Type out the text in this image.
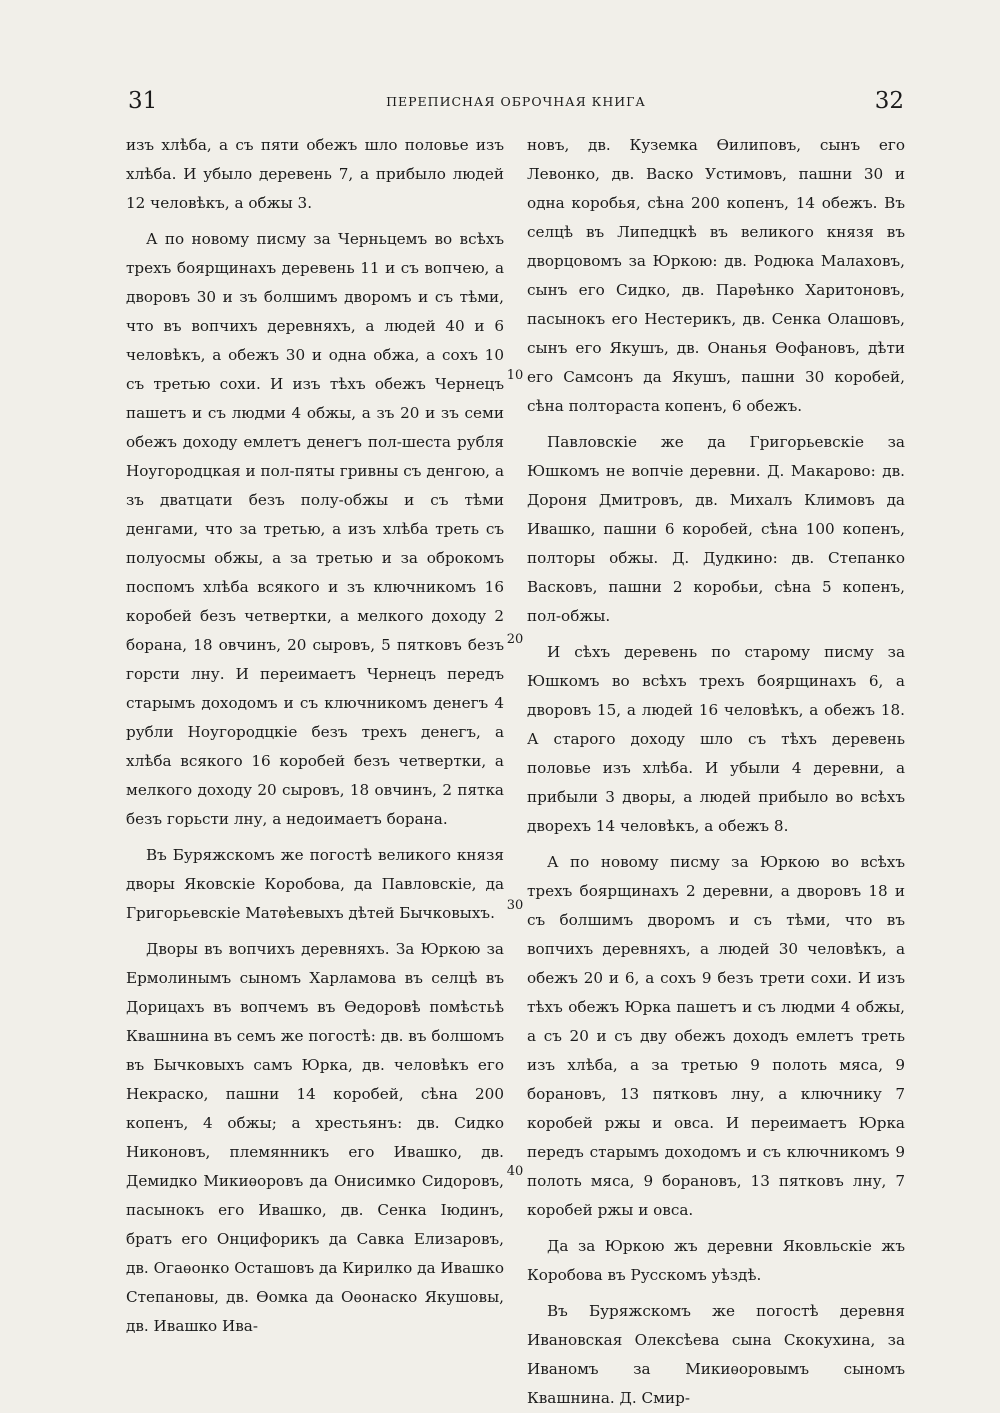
31	ПЕРЕПИСНАЯ ОБРОЧНАЯ КНИГА	32

изъ хлѣба, а съ пяти обежъ шло половье изъ хлѣба. И убыло деревень 7, а прибыло людей 12 человѣкъ, а обжы 3.

А по новому писму за Черньцемъ во всѣхъ трехъ боярщинахъ деревень 11 и съ вопчею, а дворовъ 30 и зъ болшимъ дворомъ и съ тѣми, что въ вопчихъ деревняхъ, а людей 40 и 6 человѣкъ, а обежъ 30 и одна обжа, а сохъ 10 съ третью сохи. И изъ тѣхъ обежъ Чернецъ пашетъ и съ людми 4 обжы, а зъ 20 и зъ семи обежъ доходу емлетъ денегъ пол-шеста рубля Ноугородцкая и пол-пяты гривны съ денгою, а зъ дватцати безъ полу-обжы и съ тѣми денгами, что за третью, а изъ хлѣба треть съ полуосмы обжы, а за третью и за оброкомъ поспомъ хлѣба всякого и зъ ключникомъ 16 коробей безъ четвертки, а мелкого доходу 2 борана, 18 овчинъ, 20 сыровъ, 5 пятковъ безъ горсти лну. И переимаетъ Чернецъ передъ старымъ доходомъ и съ ключникомъ денегъ 4 рубли Ноугородцкіе безъ трехъ денегъ, а хлѣба всякого 16 коробей безъ четвертки, а мелкого доходу 20 сыровъ, 18 овчинъ, 2 пятка безъ горьсти лну, а недоимаетъ борана.

Въ Буряжскомъ же погостѣ великого князя дворы Яковскіе Коробова, да Павловскіе, да Григорьевскіе Матѳѣевыхъ дѣтей Бычковыхъ.

Дворы въ вопчихъ деревняхъ. За Юркою за Ермолинымъ сыномъ Харламова въ селцѣ въ Дорицахъ въ вопчемъ въ Ѳедоровѣ помѣстьѣ Квашнина въ семъ же погостѣ: дв. въ болшомъ въ Бычковыхъ самъ Юрка, дв. человѣкъ его Некраско, пашни 14 коробей, сѣна 200 копенъ, 4 обжы; а хрестьянъ: дв. Сидко Никоновъ, племянникъ его Ивашко, дв. Демидко Микиѳоровъ да Онисимко Сидоровъ, пасынокъ его Ивашко, дв. Сенка Іюдинъ, братъ его Онцифорикъ да Савка Елизаровъ, дв. Огаѳонко Осташовъ да Кирилко да Ивашко Степановы, дв. Ѳомка да Оѳонаско Якушовы, дв. Ивашко Ива-

новъ, дв. Куземка Ѳилиповъ, сынъ его Левонко, дв. Васко Устимовъ, пашни 30 и одна коробья, сѣна 200 копенъ, 14 обежъ. Въ селцѣ въ Липедцкѣ въ великого князя въ дворцовомъ за Юркою: дв. Родюка Малаховъ, сынъ его Сидко, дв. Парѳѣнко Харитоновъ, пасынокъ его Нестерикъ, дв. Сенка Олашовъ, сынъ его Якушъ, дв. Онанья Ѳофановъ, дѣти его Самсонъ да Якушъ, пашни 30 коробей, сѣна полтораста копенъ, 6 обежъ.

Павловскіе же да Григорьевскіе за Юшкомъ не вопчіе деревни. Д. Макарово: дв. Дороня Дмитровъ, дв. Михалъ Климовъ да Ивашко, пашни 6 коробей, сѣна 100 копенъ, полторы обжы. Д. Дудкино: дв. Степанко Васковъ, пашни 2 коробьи, сѣна 5 копенъ, пол-обжы.

И сѣхъ деревень по старому писму за Юшкомъ во всѣхъ трехъ боярщинахъ 6, а дворовъ 15, а людей 16 человѣкъ, а обежъ 18. А старого доходу шло съ тѣхъ деревень половье изъ хлѣба. И убыли 4 деревни, а прибыли 3 дворы, а людей прибыло во всѣхъ дворехъ 14 человѣкъ, а обежъ 8.

А по новому писму за Юркою во всѣхъ трехъ боярщинахъ 2 деревни, а дворовъ 18 и съ болшимъ дворомъ и съ тѣми, что въ вопчихъ деревняхъ, а людей 30 человѣкъ, а обежъ 20 и 6, а сохъ 9 безъ трети сохи. И изъ тѣхъ обежъ Юрка пашетъ и съ людми 4 обжы, а съ 20 и съ дву обежъ доходъ емлетъ треть изъ хлѣба, а за третью 9 полоть мяса, 9 борановъ, 13 пятковъ лну, а ключнику 7 коробей ржы и овса. И переимаетъ Юрка передъ старымъ доходомъ и съ ключникомъ 9 полоть мяса, 9 борановъ, 13 пятковъ лну, 7 коробей ржы и овса.

Да за Юркою жъ деревни Яковльскіе жъ Коробова въ Русскомъ уѣздѣ.

Въ Буряжскомъ же погостѣ деревня Ивановская Олексѣева сына Скокухина, за Иваномъ за Микиѳоровымъ сыномъ Квашнина. Д. Смир-

10
20
30
40
